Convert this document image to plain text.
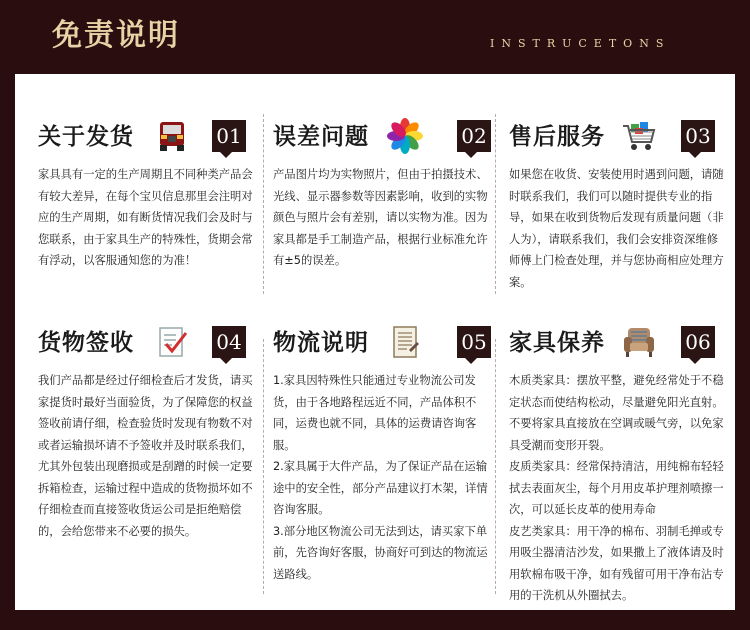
免责说明	INSTRUCETONS
关于发货	01

家具具有一定的生产周期且不同种类产品会有较大差异，在每个宝贝信息那里会注明对应的生产周期，如有断货情况我们会及时与您联系，由于家具生产的特殊性，货期会常有浮动，以客服通知您的为准！

误差问题	02

产品图片均为实物照片，但由于拍摄技术、光线、显示器参数等因素影响，收到的实物颜色与照片会有差别，请以实物为准。因为家具都是手工制造产品，根据行业标准允许有±5的误差。

售后服务	03

如果您在收货、安装使用时遇到问题，请随时联系我们，我们可以随时提供专业的指导，如果在收到货物后发现有质量问题（非人为），请联系我们，我们会安排资深维修师傅上门检查处理，并与您协商相应处理方案。

货物签收	04

我们产品都是经过仔细检查后才发货，请买家提货时最好当面验货，为了保障您的权益签收前请仔细，检查验货时发现有物数不对或者运输损坏请不予签收并及时联系我们，尤其外包装出现磨损或是刮蹭的时候一定要拆箱检查，运输过程中造成的货物损坏如不仔细检查而直接签收货运公司是拒绝赔偿的，会给您带来不必要的损失。

物流说明	05

1.家具因特殊性只能通过专业物流公司发货，由于各地路程远近不同，产品体积不同，运费也就不同，具体的运费请咨询客服。

2.家具属于大件产品，为了保证产品在运输途中的安全性，部分产品建议打木架，详情咨询客服。

3.部分地区物流公司无法到达，请买家下单前，先咨询好客服，协商好可到达的物流运送路线。

家具保养	06

木质类家具：摆放平整，避免经常处于不稳定状态而使结构松动，尽量避免阳光直射。不要将家具直接放在空调或暖气旁，以免家具受潮而变形开裂。

皮质类家具：经常保持清洁，用纯棉布轻轻拭去表面灰尘，每个月用皮革护理剂喷擦一次，可以延长皮革的使用寿命

皮艺类家具：用干净的棉布、羽制毛掸或专用吸尘器清洁沙发，如果撒上了液体请及时用软棉布吸干净，如有残留可用干净布沾专用的干洗机从外圈拭去。
